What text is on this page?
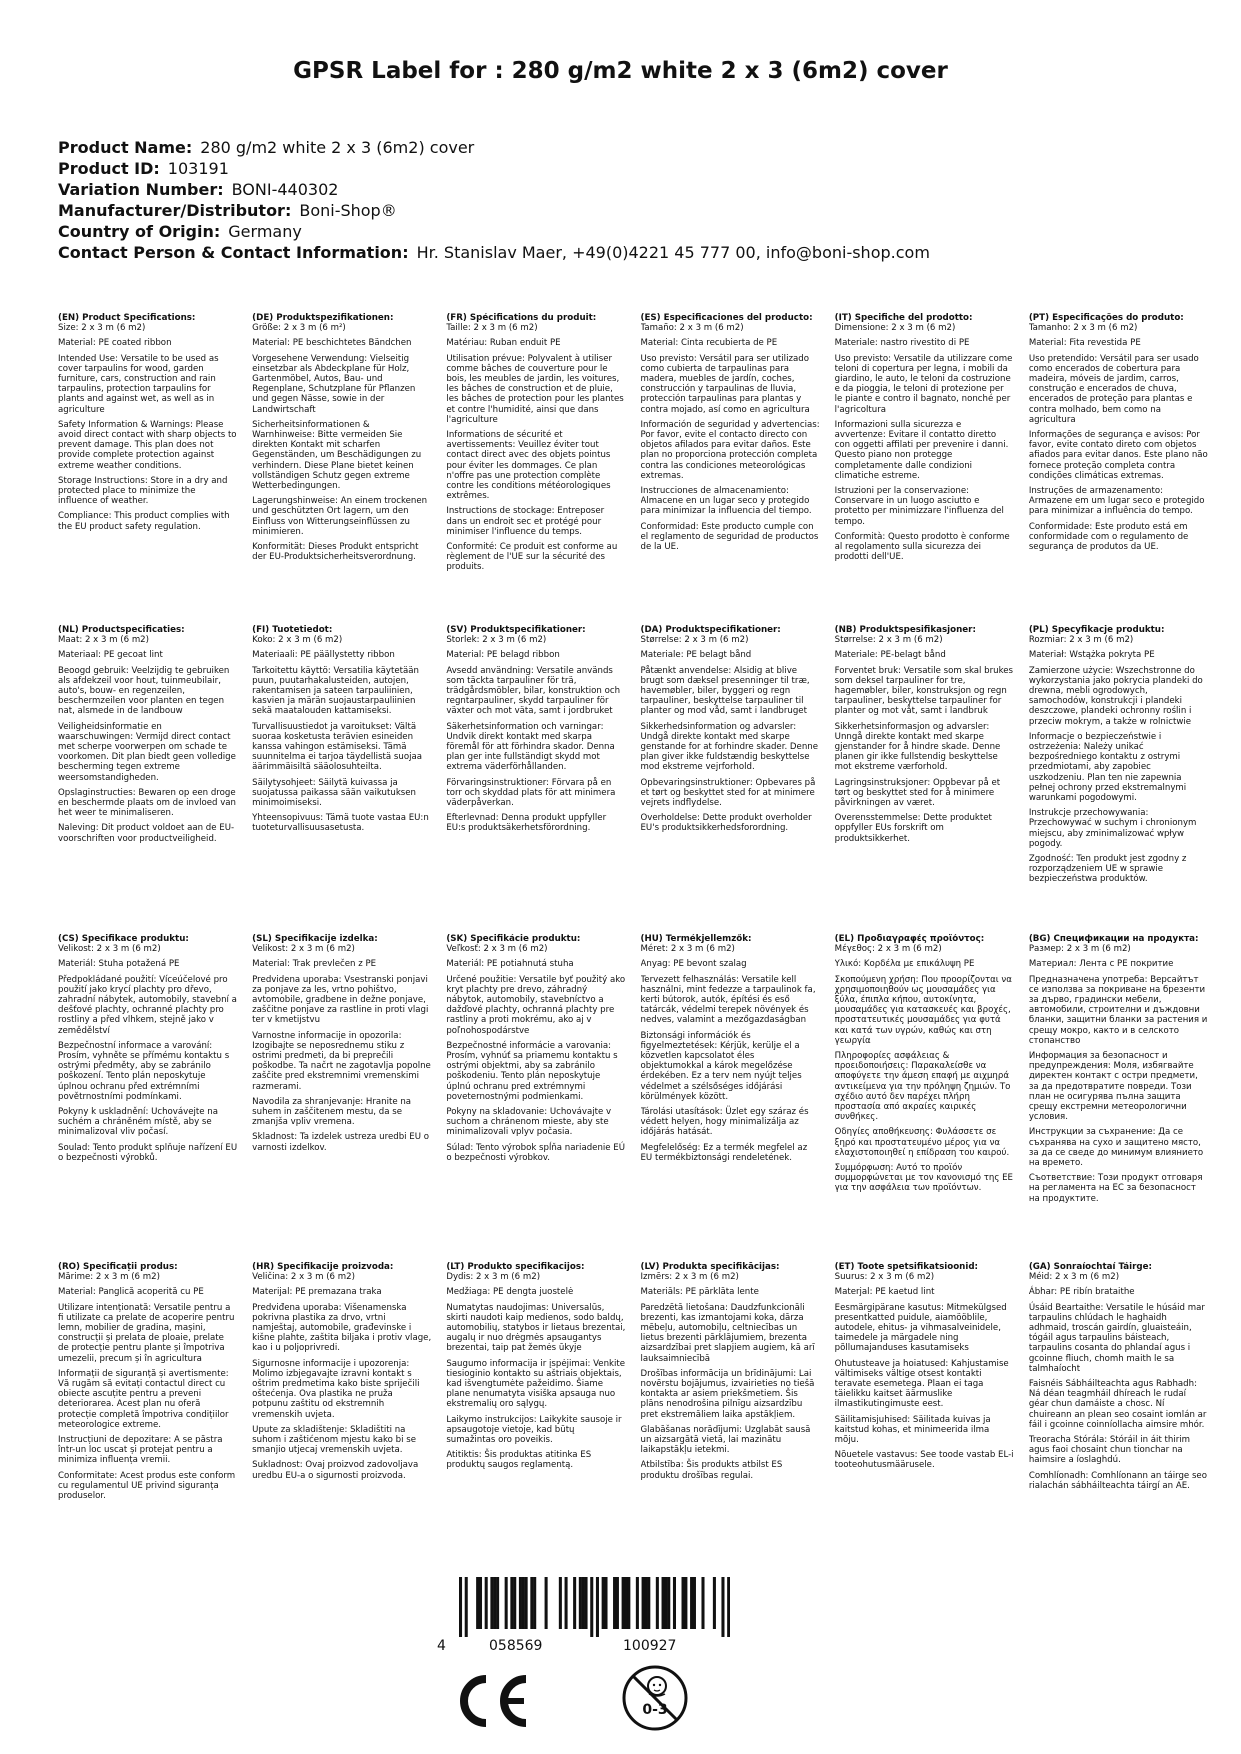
GPSR Label for : 280 g/m2 white 2 x 3 (6m2) cover
Product Name: 280 g/m2 white 2 x 3 (6m2) cover
Product ID: 103191
Variation Number: BONI-440302
Manufacturer/Distributor: Boni-Shop®
Country of Origin: Germany
Contact Person & Contact Information: Hr. Stanislav Maer, +49(0)4221 45 777 00, info@boni-shop.com
(EN) Product Specifications:
Size: 2 x 3 m (6 m2)
Material: PE coated ribbon
Intended Use: Versatile to be used as cover tarpaulins for wood, garden furniture, cars, construction and rain tarpaulins, protection tarpaulins for plants and against wet, as well as in agriculture
Safety Information & Warnings: Please avoid direct contact with sharp objects to prevent damage. This plan does not provide complete protection against extreme weather conditions.
Storage Instructions: Store in a dry and protected place to minimize the influence of weather.
Compliance: This product complies with the EU product safety regulation.
(DE) Produktspezifikationen:
Größe: 2 x 3 m (6 m²)
Material: PE beschichtetes Bändchen
Vorgesehene Verwendung: Vielseitig einsetzbar als Abdeckplane für Holz, Gartenmöbel, Autos, Bau- und Regenplane, Schutzplane für Pflanzen und gegen Nässe, sowie in der Landwirtschaft
Sicherheitsinformationen & Warnhinweise: Bitte vermeiden Sie direkten Kontakt mit scharfen Gegenständen, um Beschädigungen zu verhindern. Diese Plane bietet keinen vollständigen Schutz gegen extreme Wetterbedingungen.
Lagerungshinweise: An einem trockenen und geschützten Ort lagern, um den Einfluss von Witterungseinflüssen zu minimieren.
Konformität: Dieses Produkt entspricht der EU-Produktsicherheitsverordnung.
(FR) Spécifications du produit:
Taille: 2 x 3 m (6 m2)
Matériau: Ruban enduit PE
Utilisation prévue: Polyvalent à utiliser comme bâches de couverture pour le bois, les meubles de jardin, les voitures, les bâches de construction et de pluie, les bâches de protection pour les plantes et contre l'humidité, ainsi que dans l'agriculture
Informations de sécurité et avertissements: Veuillez éviter tout contact direct avec des objets pointus pour éviter les dommages. Ce plan n'offre pas une protection complète contre les conditions météorologiques extrêmes.
Instructions de stockage: Entreposer dans un endroit sec et protégé pour minimiser l'influence du temps.
Conformité: Ce produit est conforme au règlement de l'UE sur la sécurité des produits.
(ES) Especificaciones del producto:
Tamaño: 2 x 3 m (6 m2)
Material: Cinta recubierta de PE
Uso previsto: Versátil para ser utilizado como cubierta de tarpaulinas para madera, muebles de jardín, coches, construcción y tarpaulinas de lluvia, protección tarpaulinas para plantas y contra mojado, así como en agricultura
Información de seguridad y advertencias: Por favor, evite el contacto directo con objetos afilados para evitar daños. Este plan no proporciona protección completa contra las condiciones meteorológicas extremas.
Instrucciones de almacenamiento: Almacene en un lugar seco y protegido para minimizar la influencia del tiempo.
Conformidad: Este producto cumple con el reglamento de seguridad de productos de la UE.
(IT) Specifiche del prodotto:
Dimensione: 2 x 3 m (6 m2)
Materiale: nastro rivestito di PE
Uso previsto: Versatile da utilizzare come teloni di copertura per legna, i mobili da giardino, le auto, le teloni da costruzione e da pioggia, le teloni di protezione per le piante e contro il bagnato, nonché per l'agricoltura
Informazioni sulla sicurezza e avvertenze: Evitare il contatto diretto con oggetti affilati per prevenire i danni. Questo piano non protegge completamente dalle condizioni climatiche estreme.
Istruzioni per la conservazione: Conservare in un luogo asciutto e protetto per minimizzare l'influenza del tempo.
Conformità: Questo prodotto è conforme al regolamento sulla sicurezza dei prodotti dell'UE.
(PT) Especificações do produto:
Tamanho: 2 x 3 m (6 m2)
Material: Fita revestida PE
Uso pretendido: Versátil para ser usado como encerados de cobertura para madeira, móveis de jardim, carros, construção e encerados de chuva, encerados de proteção para plantas e contra molhado, bem como na agricultura
Informações de segurança e avisos: Por favor, evite contato direto com objetos afiados para evitar danos. Este plano não fornece proteção completa contra condições climáticas extremas.
Instruções de armazenamento: Armazene em um lugar seco e protegido para minimizar a influência do tempo.
Conformidade: Este produto está em conformidade com o regulamento de segurança de produtos da UE.
(NL) Productspecificaties:
Maat: 2 x 3 m (6 m2)
Materiaal: PE gecoat lint
Beoogd gebruik: Veelzijdig te gebruiken als afdekzeil voor hout, tuinmeubilair, auto's, bouw- en regenzeilen, beschermzeilen voor planten en tegen nat, alsmede in de landbouw
Veiligheidsinformatie en waarschuwingen: Vermijd direct contact met scherpe voorwerpen om schade te voorkomen. Dit plan biedt geen volledige bescherming tegen extreme weersomstandigheden.
Opslaginstructies: Bewaren op een droge en beschermde plaats om de invloed van het weer te minimaliseren.
Naleving: Dit product voldoet aan de EU-voorschriften voor productveiligheid.
(FI) Tuotetiedot:
Koko: 2 x 3 m (6 m2)
Materiaali: PE päällystetty ribbon
Tarkoitettu käyttö: Versatilia käytetään puun, puutarhakalusteiden, autojen, rakentamisen ja sateen tarpauliinien, kasvien ja märän suojaustarpauliinien sekä maatalouden kattamiseksi.
Turvallisuustiedot ja varoitukset: Vältä suoraa kosketusta terävien esineiden kanssa vahingon estämiseksi. Tämä suunnitelma ei tarjoa täydellistä suojaa äärimmäisiltä sääolosuhteilta.
Säilytysohjeet: Säilytä kuivassa ja suojatussa paikassa sään vaikutuksen minimoimiseksi.
Yhteensopivuus: Tämä tuote vastaa EU:n tuoteturvallisuusasetusta.
(SV) Produktspecifikationer:
Storlek: 2 x 3 m (6 m2)
Material: PE belagd ribbon
Avsedd användning: Versatile används som täckta tarpauliner för trä, trädgårdsmöbler, bilar, konstruktion och regntarpauliner, skydd tarpauliner för växter och mot väta, samt i jordbruket
Säkerhetsinformation och varningar: Undvik direkt kontakt med skarpa föremål för att förhindra skador. Denna plan ger inte fullständigt skydd mot extrema väderförhållanden.
Förvaringsinstruktioner: Förvara på en torr och skyddad plats för att minimera väderpåverkan.
Efterlevnad: Denna produkt uppfyller EU:s produktsäkerhetsförordning.
(DA) Produktspecifikationer:
Størrelse: 2 x 3 m (6 m2)
Materiale: PE belagt bånd
Påtænkt anvendelse: Alsidig at blive brugt som dæksel presenninger til træ, havemøbler, biler, byggeri og regn tarpauliner, beskyttelse tarpauliner til planter og mod våd, samt i landbruget
Sikkerhedsinformation og advarsler: Undgå direkte kontakt med skarpe genstande for at forhindre skader. Denne plan giver ikke fuldstændig beskyttelse mod ekstreme vejrforhold.
Opbevaringsinstruktioner: Opbevares på et tørt og beskyttet sted for at minimere vejrets indflydelse.
Overholdelse: Dette produkt overholder EU's produktsikkerhedsforordning.
(NB) Produktspesifikasjoner:
Størrelse: 2 x 3 m (6 m2)
Materiale: PE-belagt bånd
Forventet bruk: Versatile som skal brukes som deksel tarpauliner for tre, hagemøbler, biler, konstruksjon og regn tarpauliner, beskyttelse tarpauliner for planter og mot våt, samt i landbruk
Sikkerhetsinformasjon og advarsler: Unngå direkte kontakt med skarpe gjenstander for å hindre skade. Denne planen gir ikke fullstendig beskyttelse mot ekstreme værforhold.
Lagringsinstruksjoner: Oppbevar på et tørt og beskyttet sted for å minimere påvirkningen av været.
Overensstemmelse: Dette produktet oppfyller EUs forskrift om produktsikkerhet.
(PL) Specyfikacje produktu:
Rozmiar: 2 x 3 m (6 m2)
Materiał: Wstążka pokryta PE
Zamierzone użycie: Wszechstronne do wykorzystania jako pokrycia plandeki do drewna, mebli ogrodowych, samochodów, konstrukcji i plandeki deszczowe, plandeki ochronny roślin i przeciw mokrym, a także w rolnictwie
Informacje o bezpieczeństwie i ostrzeżenia: Należy unikać bezpośredniego kontaktu z ostrymi przedmiotami, aby zapobiec uszkodzeniu. Plan ten nie zapewnia pełnej ochrony przed ekstremalnymi warunkami pogodowymi.
Instrukcje przechowywania: Przechowywać w suchym i chronionym miejscu, aby zminimalizować wpływ pogody.
Zgodność: Ten produkt jest zgodny z rozporządzeniem UE w sprawie bezpieczeństwa produktów.
(CS) Specifikace produktu:
Velikost: 2 x 3 m (6 m2)
Materiál: Stuha potažená PE
Předpokládané použití: Víceúčelové pro použití jako krycí plachty pro dřevo, zahradní nábytek, automobily, stavební a dešťové plachty, ochranné plachty pro rostliny a před vlhkem, stejně jako v zemědělství
Bezpečnostní informace a varování: Prosím, vyhněte se přímému kontaktu s ostrými předměty, aby se zabránilo poškození. Tento plán neposkytuje úplnou ochranu před extrémními povětrnostními podmínkami.
Pokyny k uskladnění: Uchovávejte na suchém a chráněném místě, aby se minimalizoval vliv počasí.
Soulad: Tento produkt splňuje nařízení EU o bezpečnosti výrobků.
(SL) Specifikacije izdelka:
Velikost: 2 x 3 m (6 m2)
Material: Trak prevlečen z PE
Predvidena uporaba: Vsestranski ponjavi za ponjave za les, vrtno pohištvo, avtomobile, gradbene in dežne ponjave, zaščitne ponjave za rastline in proti vlagi ter v kmetijstvu
Varnostne informacije in opozorila: Izogibajte se neposrednemu stiku z ostrimi predmeti, da bi preprečili poškodbe. Ta načrt ne zagotavlja popolne zaščite pred ekstremnimi vremenskimi razmerami.
Navodila za shranjevanje: Hranite na suhem in zaščitenem mestu, da se zmanjša vpliv vremena.
Skladnost: Ta izdelek ustreza uredbi EU o varnosti izdelkov.
(SK) Špecifikácie produktu:
Veľkosť: 2 x 3 m (6 m2)
Materiál: PE potiahnutá stuha
Určené použitie: Versatile byť použitý ako kryt plachty pre drevo, záhradný nábytok, automobily, stavebníctvo a dažďové plachty, ochranná plachty pre rastliny a proti mokrému, ako aj v poľnohospodárstve
Bezpečnostné informácie a varovania: Prosím, vyhnúť sa priamemu kontaktu s ostrými objektmi, aby sa zabránilo poškodeniu. Tento plán neposkytuje úplnú ochranu pred extrémnymi poveternostnými podmienkami.
Pokyny na skladovanie: Uchovávajte v suchom a chránenom mieste, aby ste minimalizovali vplyv počasia.
Súlad: Tento výrobok spĺňa nariadenie EÚ o bezpečnosti výrobkov.
(HU) Termékjellemzők:
Méret: 2 x 3 m (6 m2)
Anyag: PE bevont szalag
Tervezett felhasználás: Versatile kell használni, mint fedezze a tarpaulinok fa, kerti bútorok, autók, építési és eső tatárcák, védelmi terepek növények és nedves, valamint a mezőgazdaságban
Biztonsági információk és figyelmeztetések: Kérjük, kerülje el a közvetlen kapcsolatot éles objektumokkal a károk megelőzése érdekében. Ez a terv nem nyújt teljes védelmet a szélsőséges időjárási körülmények között.
Tárolási utasítások: Üzlet egy száraz és védett helyen, hogy minimalizálja az időjárás hatását.
Megfelelőség: Ez a termék megfelel az EU termékbiztonsági rendeletének.
(EL) Προδιαγραφές προϊόντος:
Μέγεθος: 2 x 3 m (6 m2)
Υλικό: Κορδέλα με επικάλυψη PE
Σκοπούμενη χρήση: Που προορίζονται να χρησιμοποιηθούν ως μουσαμάδες για ξύλα, έπιπλα κήπου, αυτοκίνητα, μουσαμάδες για κατασκευές και βροχές, προστατευτικές μουσαμάδες για φυτά και κατά των υγρών, καθώς και στη γεωργία
Πληροφορίες ασφάλειας & προειδοποιήσεις: Παρακαλείσθε να αποφύγετε την άμεση επαφή με αιχμηρά αντικείμενα για την πρόληψη ζημιών. Το σχέδιο αυτό δεν παρέχει πλήρη προστασία από ακραίες καιρικές συνθήκες.
Οδηγίες αποθήκευσης: Φυλάσσετε σε ξηρό και προστατευμένο μέρος για να ελαχιστοποιηθεί η επίδραση του καιρού.
Συμμόρφωση: Αυτό το προϊόν συμμορφώνεται με τον κανονισμό της ΕΕ για την ασφάλεια των προϊόντων.
(BG) Спецификации на продукта:
Размер: 2 x 3 m (6 m2)
Материал: Лента с PE покритие
Предназначена употреба: Версайтът се използва за покриване на брезенти за дърво, градински мебели, автомобили, строителни и дъждовни бланки, защитни бланки за растения и срещу мокро, както и в селското стопанство
Информация за безопасност и предупреждения: Моля, избягвайте директен контакт с остри предмети, за да предотвратите повреди. Този план не осигурява пълна защита срещу екстремни метеорологични условия.
Инструкции за съхранение: Да се съхранява на сухо и защитено място, за да се сведе до минимум влиянието на времето.
Съответствие: Този продукт отговаря на регламента на ЕС за безопасност на продуктите.
(RO) Specificații produs:
Mărime: 2 x 3 m (6 m2)
Material: Panglică acoperită cu PE
Utilizare intenționată: Versatile pentru a fi utilizate ca prelate de acoperire pentru lemn, mobilier de gradina, mașini, construcții și prelata de ploaie, prelate de protecție pentru plante și împotriva umezelii, precum și în agricultura
Informații de siguranță și avertismente: Vă rugăm să evitați contactul direct cu obiecte ascuțite pentru a preveni deteriorarea. Acest plan nu oferă protecție completă împotriva condițiilor meteorologice extreme.
Instrucțiuni de depozitare: A se păstra într-un loc uscat și protejat pentru a minimiza influența vremii.
Conformitate: Acest produs este conform cu regulamentul UE privind siguranța produselor.
(HR) Specifikacije proizvoda:
Veličina: 2 x 3 m (6 m2)
Materijal: PE premazana traka
Predviđena uporaba: Višenamenska pokrivna plastika za drvo, vrtni namještaj, automobile, građevinske i kišne plahte, zaštita biljaka i protiv vlage, kao i u poljoprivredi.
Sigurnosne informacije i upozorenja: Molimo izbjegavajte izravni kontakt s oštrim predmetima kako biste spriječili oštećenja. Ova plastika ne pruža potpunu zaštitu od ekstremnih vremenskih uvjeta.
Upute za skladištenje: Skladištiti na suhom i zaštićenom mjestu kako bi se smanjio utjecaj vremenskih uvjeta.
Sukladnost: Ovaj proizvod zadovoljava uredbu EU-a o sigurnosti proizvoda.
(LT) Produkto specifikacijos:
Dydis: 2 x 3 m (6 m2)
Medžiaga: PE dengta juostelė
Numatytas naudojimas: Universalūs, skirti naudoti kaip medienos, sodo baldų, automobilių, statybos ir lietaus brezentai, augalų ir nuo drėgmės apsaugantys brezentai, taip pat žemės ūkyje
Saugumo informacija ir įspėjimai: Venkite tiesioginio kontakto su aštriais objektais, kad išvengtumėte pažeidimo. Šiame plane nenumatyta visiška apsauga nuo ekstremalių oro sąlygų.
Laikymo instrukcijos: Laikykite sausoje ir apsaugotoje vietoje, kad būtų sumažintas oro poveikis.
Atitiktis: Šis produktas atitinka ES produktų saugos reglamentą.
(LV) Produkta specifikācijas:
Izmērs: 2 x 3 m (6 m2)
Materiāls: PE pārklāta lente
Paredzētā lietošana: Daudzfunkcionāli brezenti, kas izmantojami koka, dārza mēbeļu, automobiļu, celtniecības un lietus brezenti pārklājumiem, brezenta aizsardzībai pret slapjiem augiem, kā arī lauksaimniecībā
Drošības informācija un brīdinājumi: Lai novērstu bojājumus, izvairieties no tiešā kontakta ar asiem priekšmetiem. Šis plāns nenodrošina pilnīgu aizsardzību pret ekstremāliem laika apstākļiem.
Glabāšanas norādījumi: Uzglabāt sausā un aizsargātā vietā, lai mazinātu laikapstākļu ietekmi.
Atbilstība: Šis produkts atbilst ES produktu drošības regulai.
(ET) Toote spetsifikatsioonid:
Suurus: 2 x 3 m (6 m2)
Materjal: PE kaetud lint
Eesmärgipärane kasutus: Mitmekülgsed presentkatted puidule, aiamööblile, autodele, ehitus- ja vihmasalveinidele, taimedele ja märgadele ning põllumajanduses kasutamiseks
Ohutusteave ja hoiatused: Kahjustamise vältimiseks vältige otsest kontakti teravate esemetega. Plaan ei taga täielikku kaitset äärmuslike ilmastikutingimuste eest.
Säilitamisjuhised: Säilitada kuivas ja kaitstud kohas, et minimeerida ilma mõju.
Nõuetele vastavus: See toode vastab EL-i tooteohutusmäärusele.
(GA) Sonraíochtaí Táirge:
Méid: 2 x 3 m (6 m2)
Ábhar: PE ribín brataithe
Úsáid Beartaithe: Versatile le húsáid mar tarpaulins chlúdach le haghaidh adhmaid, troscán gairdín, gluaisteáin, tógáil agus tarpaulins báisteach, tarpaulins cosanta do phlandaí agus i gcoinne fliuch, chomh maith le sa talmhaíocht
Faisnéis Sábháilteachta agus Rabhadh: Ná déan teagmháil dhíreach le rudaí géar chun damáiste a chosc. Ní chuireann an plean seo cosaint iomlán ar fáil i gcoinne coinníollacha aimsire mhór.
Treoracha Stórála: Stóráil in áit thirim agus faoi chosaint chun tionchar na haimsire a íoslaghdú.
Comhlíonadh: Comhlíonann an táirge seo rialachán sábháilteachta táirgí an AE.
4	058569	100927
0-3
